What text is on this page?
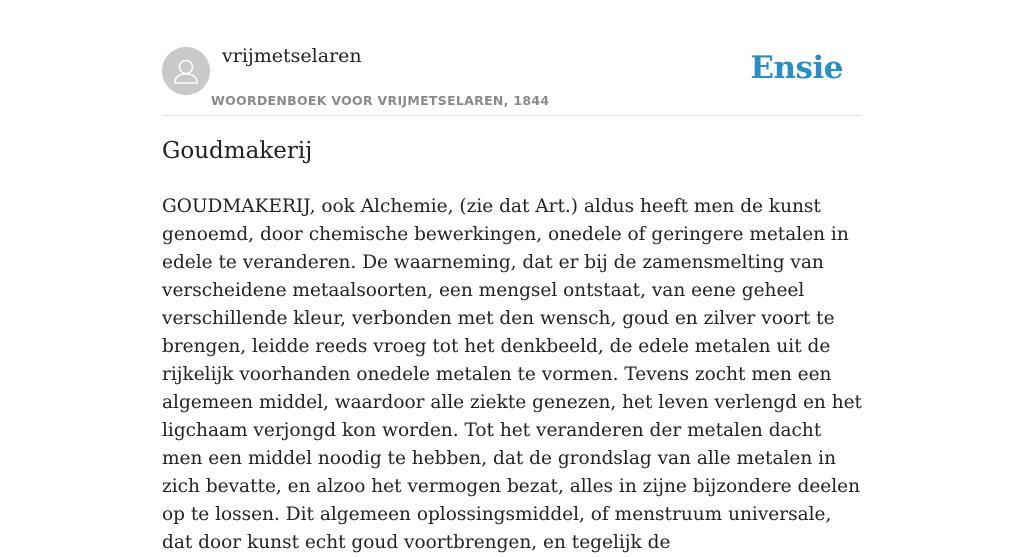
vrijmetselaren
WOORDENBOEK VOOR VRIJMETSELAREN, 1844
Ensie
Goudmakerij

GOUDMAKERIJ, ook Alchemie, (zie dat Art.) aldus heeft men de kunst genoemd, door chemische bewerkingen, onedele of geringere metalen in edele te veranderen. De waarneming, dat er bij de zamensmelting van verscheidene metaalsoorten, een mengsel ontstaat, van eene geheel verschillende kleur, verbonden met den wensch, goud en zilver voort te brengen, leidde reeds vroeg tot het denkbeeld, de edele metalen uit de rijkelijk voorhanden onedele metalen te vormen. Tevens zocht men een algemeen middel, waardoor alle ziekte genezen, het leven verlengd en het ligchaam verjongd kon worden. Tot het veranderen der metalen dacht men een middel noodig te hebben, dat de grondslag van alle metalen in zich bevatte, en alzoo het vermogen bezat, alles in zijne bijzondere deelen op te lossen. Dit algemeen oplossingsmiddel, of menstruum universale, dat door kunst echt goud voortbrengen, en tegelijk de
